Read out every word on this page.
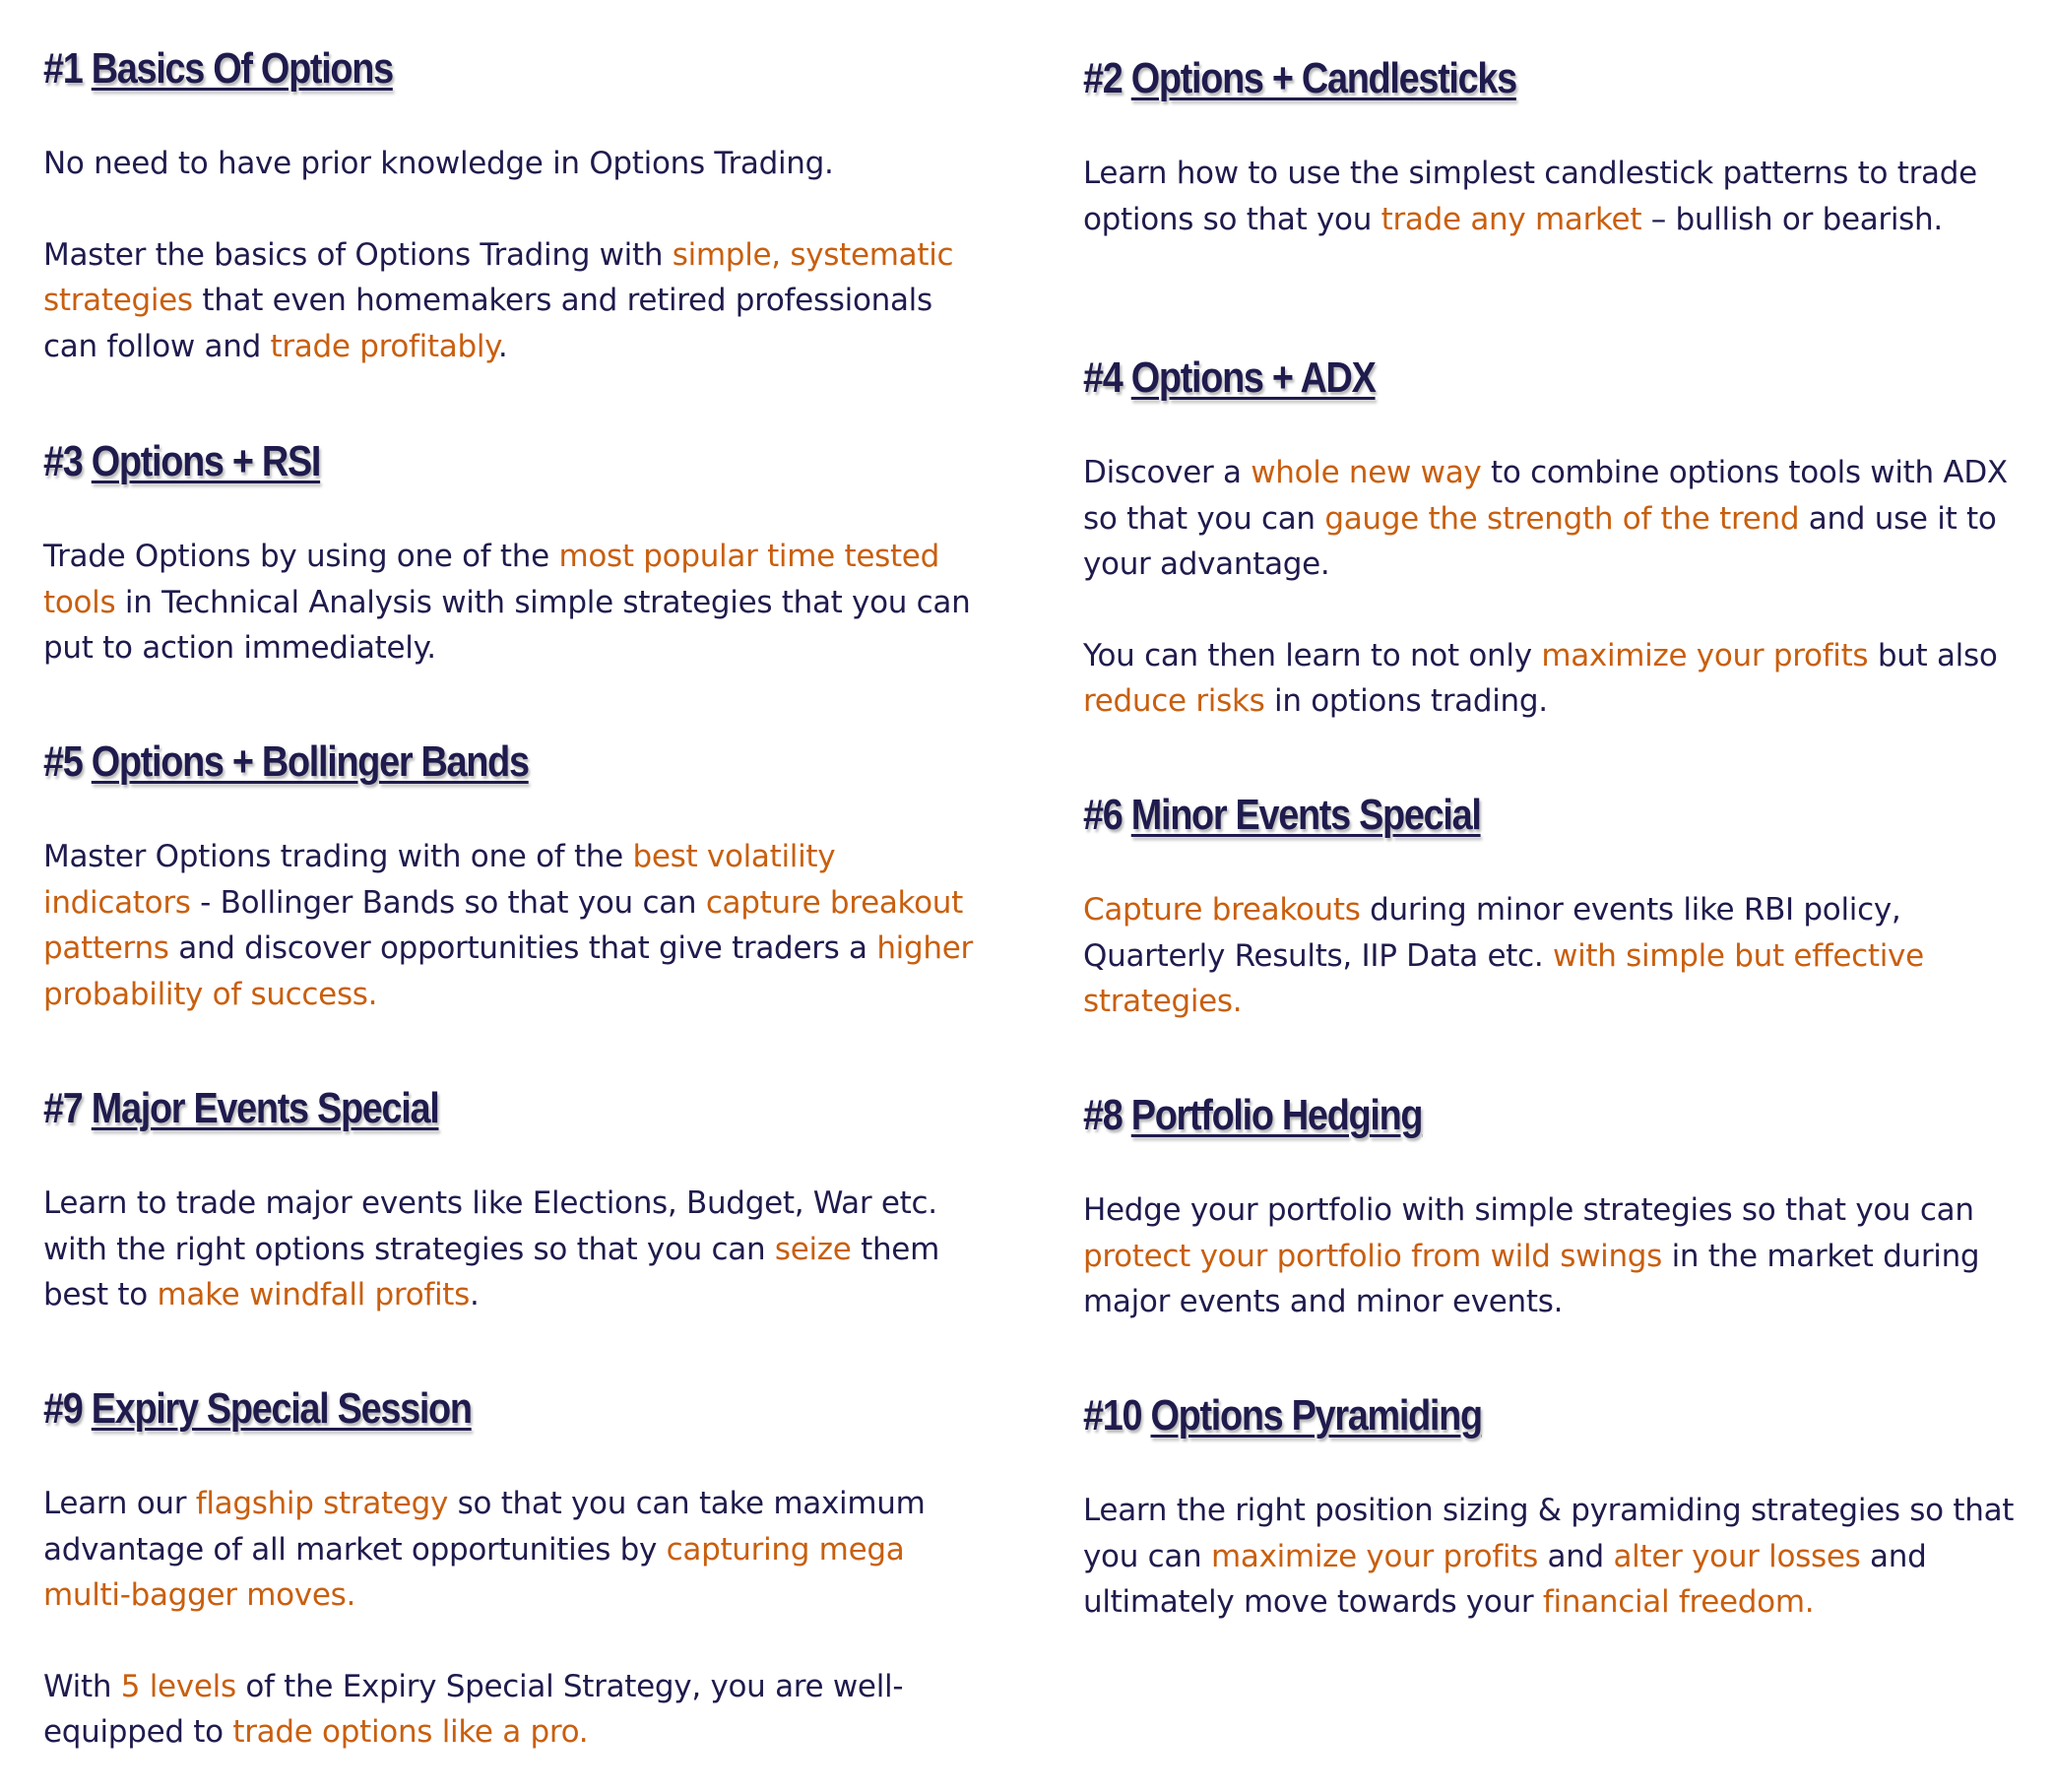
#1 Basics Of Options

No need to have prior knowledge in Options Trading.

Master the basics of Options Trading with simple, systematic strategies that even homemakers and retired professionals can follow and trade profitably.

#3 Options + RSI

Trade Options by using one of the most popular time tested tools in Technical Analysis with simple strategies that you can put to action immediately.

#5 Options + Bollinger Bands

Master Options trading with one of the best volatility indicators - Bollinger Bands so that you can capture breakout patterns and discover opportunities that give traders a higher probability of success.

#7 Major Events Special

Learn to trade major events like Elections, Budget, War etc. with the right options strategies so that you can seize them best to make windfall profits.

#9 Expiry Special Session

Learn our flagship strategy so that you can take maximum advantage of all market opportunities by capturing mega multi-bagger moves.

With 5 levels of the Expiry Special Strategy, you are well-equipped to trade options like a pro.

#2 Options + Candlesticks

Learn how to use the simplest candlestick patterns to trade options so that you trade any market – bullish or bearish.

#4 Options + ADX

Discover a whole new way to combine options tools with ADX so that you can gauge the strength of the trend and use it to your advantage.

You can then learn to not only maximize your profits but also reduce risks in options trading.

#6 Minor Events Special

Capture breakouts during minor events like RBI policy, Quarterly Results, IIP Data etc. with simple but effective strategies.

#8 Portfolio Hedging

Hedge your portfolio with simple strategies so that you can protect your portfolio from wild swings in the market during major events and minor events.

#10 Options Pyramiding

Learn the right position sizing & pyramiding strategies so that you can maximize your profits and alter your losses and ultimately move towards your financial freedom.
